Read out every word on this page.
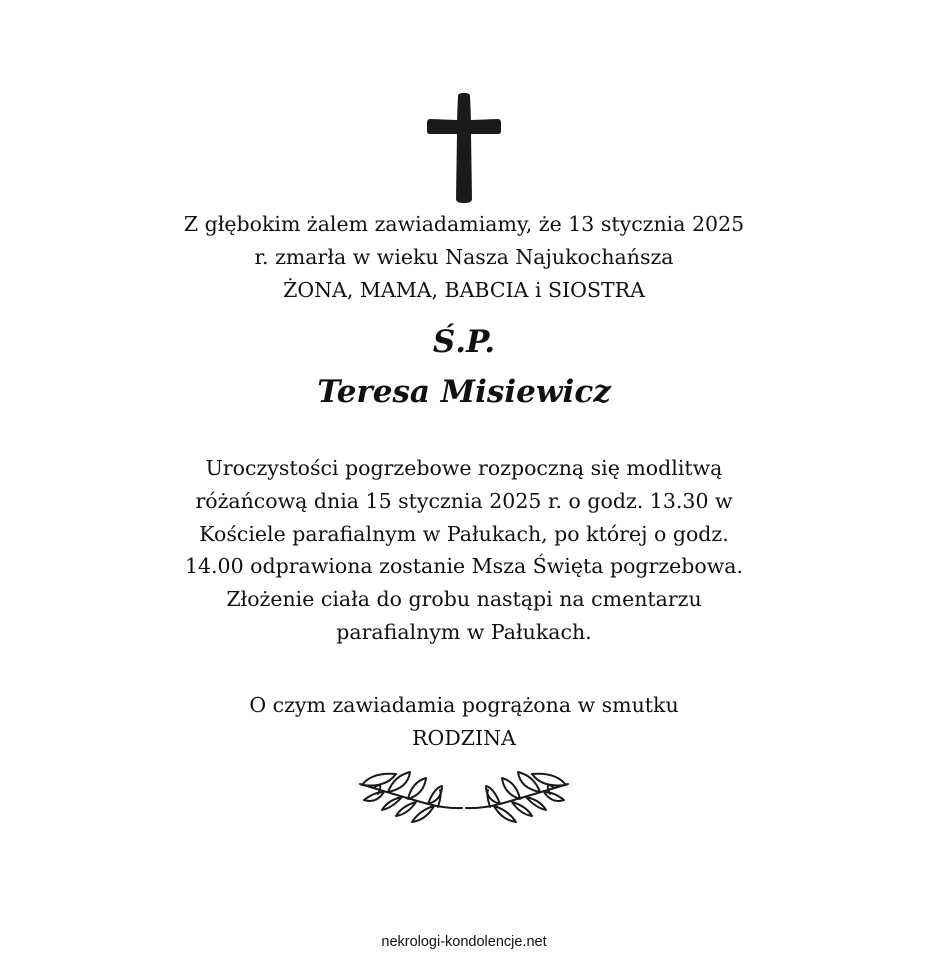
Z głębokim żalem zawiadamiamy, że 13 stycznia 2025
r. zmarła w wieku Nasza Najukochańsza
ŻONA, MAMA, BABCIA i SIOSTRA
Ś.P.
Teresa Misiewicz
Uroczystości pogrzebowe rozpoczną się modlitwą
różańcową dnia 15 stycznia 2025 r. o godz. 13.30 w
Kościele parafialnym w Pałukach, po której o godz.
14.00 odprawiona zostanie Msza Święta pogrzebowa.
Złożenie ciała do grobu nastąpi na cmentarzu
parafialnym w Pałukach.
O czym zawiadamia pogrążona w smutku
RODZINA
nekrologi-kondolencje.net
